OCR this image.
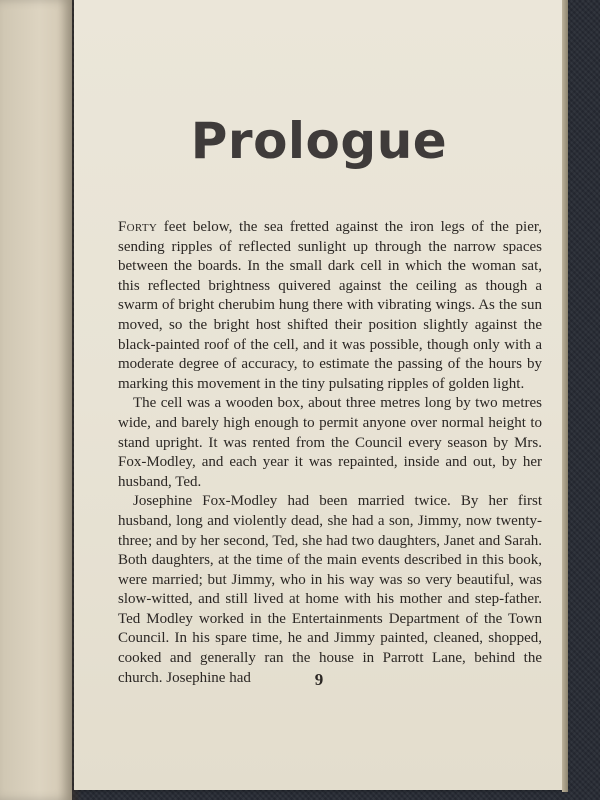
Prologue

Forty feet below, the sea fretted against the iron legs of the pier, sending ripples of reflected sunlight up through the narrow spaces between the boards. In the small dark cell in which the woman sat, this reflected brightness quivered against the ceiling as though a swarm of bright cherubim hung there with vibrating wings. As the sun moved, so the bright host shifted their position slightly against the black-painted roof of the cell, and it was possible, though only with a moderate degree of accuracy, to estimate the passing of the hours by marking this movement in the tiny pulsating ripples of golden light.

The cell was a wooden box, about three metres long by two metres wide, and barely high enough to permit anyone over normal height to stand upright. It was rented from the Council every season by Mrs. Fox-Modley, and each year it was repainted, inside and out, by her husband, Ted.

Josephine Fox-Modley had been married twice. By her first husband, long and violently dead, she had a son, Jimmy, now twenty-three; and by her second, Ted, she had two daughters, Janet and Sarah. Both daughters, at the time of the main events described in this book, were married; but Jimmy, who in his way was so very beautiful, was slow-witted, and still lived at home with his mother and step-father. Ted Modley worked in the Entertainments Department of the Town Council. In his spare time, he and Jimmy painted, cleaned, shopped, cooked and generally ran the house in Parrott Lane, behind the church. Josephine had	9
